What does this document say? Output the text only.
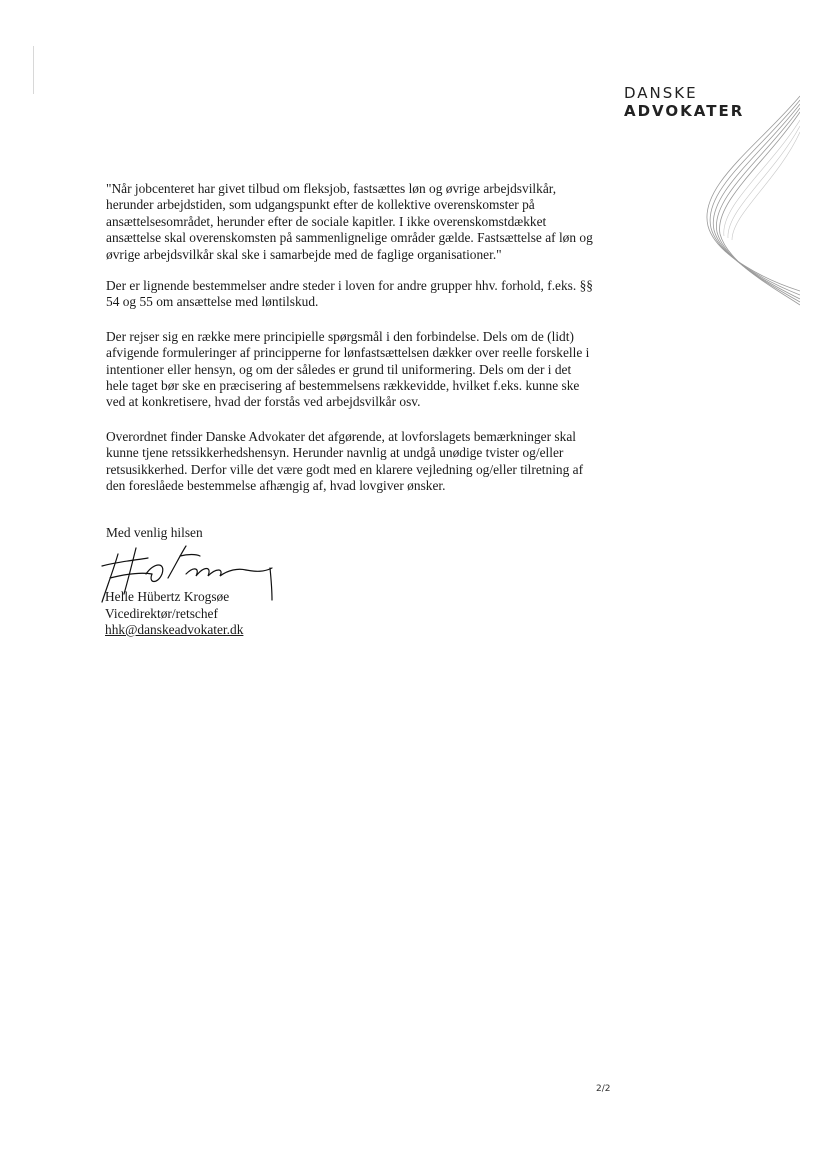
DANSKE
ADVOKATER

"Når jobcenteret har givet tilbud om fleksjob, fastsættes løn og øvrige arbejdsvilkår, herunder arbejdstiden, som udgangspunkt efter de kollektive overenskomster på ansættelsesområdet, herunder efter de sociale kapitler. I ikke overenskomstdækket ansættelse skal overenskomsten på sammenlignelige områder gælde. Fastsættelse af løn og øvrige arbejdsvilkår skal ske i samarbejde med de faglige organisationer."

Der er lignende bestemmelser andre steder i loven for andre grupper hhv. forhold, f.eks. §§ 54 og 55 om ansættelse med løntilskud.

Der rejser sig en række mere principielle spørgsmål i den forbindelse. Dels om de (lidt) afvigende formuleringer af principperne for lønfastsættelsen dækker over reelle forskelle i intentioner eller hensyn, og om der således er grund til uniformering. Dels om der i det hele taget bør ske en præcisering af bestemmelsens rækkevidde, hvilket f.eks. kunne ske ved at konkretisere, hvad der forstås ved arbejdsvilkår osv.

Overordnet finder Danske Advokater det afgørende, at lovforslagets bemærkninger skal kunne tjene retssikkerhedshensyn. Herunder navnlig at undgå unødige tvister og/eller retsusikkerhed. Derfor ville det være godt med en klarere vejledning og/eller tilretning af den foreslåede bestemmelse afhængig af, hvad lovgiver ønsker.

Med venlig hilsen
Helle Hübertz Krogsøe
Vicedirektør/retschef
hhk@danskeadvokater.dk
2/2
